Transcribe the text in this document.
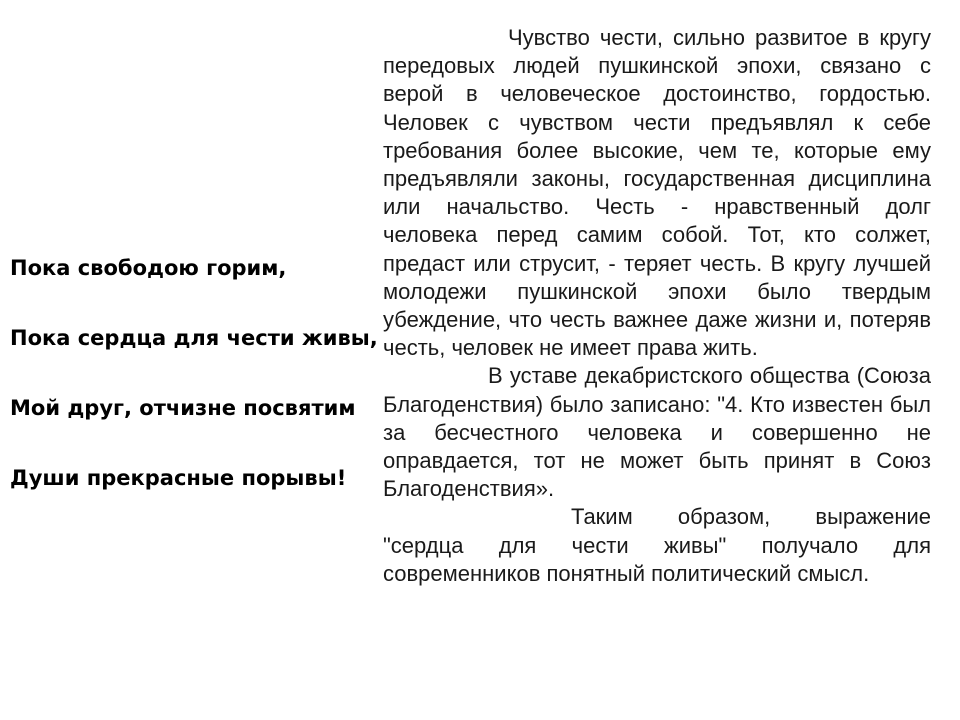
Пока свободою горим,
Пока сердца для чести живы,
Мой друг, отчизне посвятим
Души прекрасные порывы!

Чувство чести, сильно развитое в кругу передовых людей пушкинской эпохи, связано с верой в человеческое достоинство, гордостью. Человек с чувством чести предъявлял к себе требования более высокие, чем те, которые ему предъявляли законы, государственная дисциплина или начальство. Честь - нравственный долг человека перед самим собой. Тот, кто солжет, предаст или струсит, - теряет честь. В кругу лучшей молодежи пушкинской эпохи было твердым убеждение, что честь важнее даже жизни и, потеряв честь, человек не имеет права жить.

В уставе декабристского общества (Союза Благоденствия) было записано: "4. Кто известен был за бесчестного человека и совершенно не оправдается, тот не может быть принят в Союз Благоденствия».

Таким образом, выражение "сердца для чести живы" получало для современников понятный политический смысл.
